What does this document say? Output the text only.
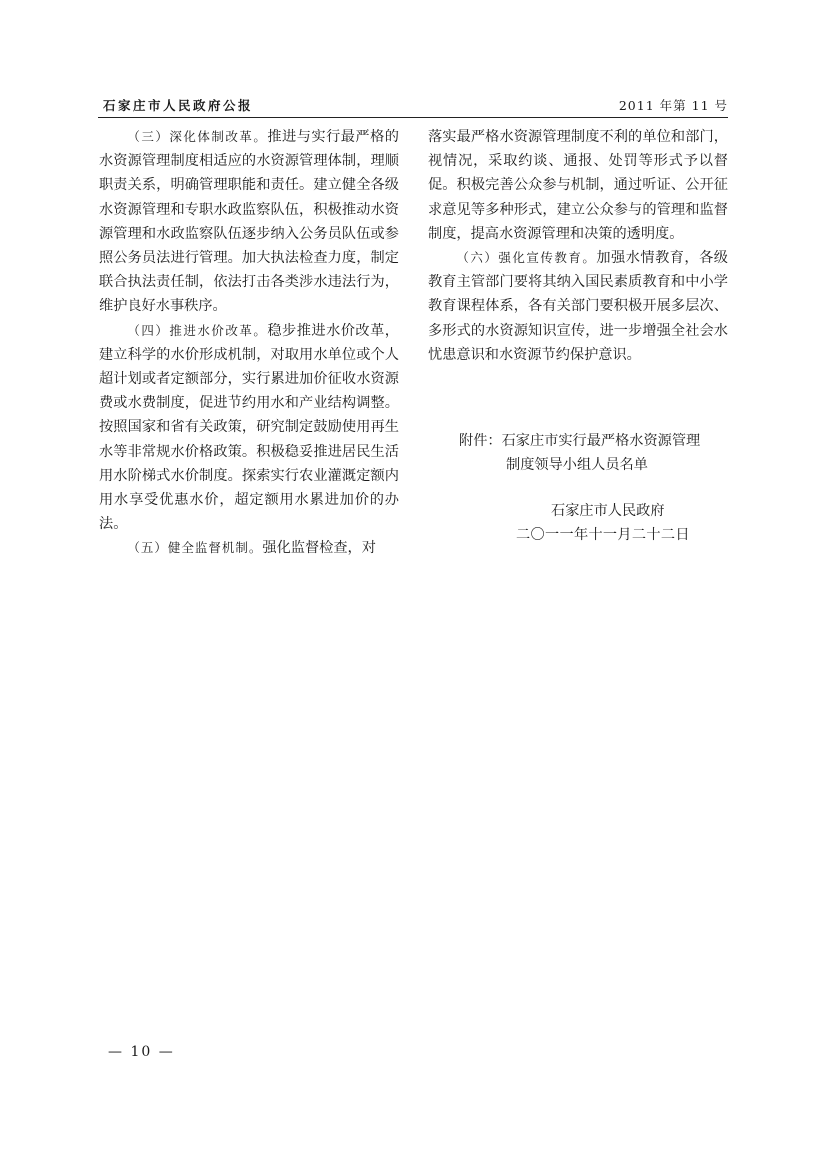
石家庄市人民政府公报	2011 年第 11 号

（三）深化体制改革。推进与实行最严格的水资源管理制度相适应的水资源管理体制，理顺职责关系，明确管理职能和责任。建立健全各级水资源管理和专职水政监察队伍，积极推动水资源管理和水政监察队伍逐步纳入公务员队伍或参照公务员法进行管理。加大执法检查力度，制定联合执法责任制，依法打击各类涉水违法行为，维护良好水事秩序。

（四）推进水价改革。稳步推进水价改革，建立科学的水价形成机制，对取用水单位或个人超计划或者定额部分，实行累进加价征收水资源费或水费制度，促进节约用水和产业结构调整。按照国家和省有关政策，研究制定鼓励使用再生水等非常规水价格政策。积极稳妥推进居民生活用水阶梯式水价制度。探索实行农业灌溉定额内用水享受优惠水价，超定额用水累进加价的办法。

（五）健全监督机制。强化监督检查，对

落实最严格水资源管理制度不利的单位和部门，视情况，采取约谈、通报、处罚等形式予以督促。积极完善公众参与机制，通过听证、公开征求意见等多种形式，建立公众参与的管理和监督制度，提高水资源管理和决策的透明度。

（六）强化宣传教育。加强水情教育，各级教育主管部门要将其纳入国民素质教育和中小学教育课程体系，各有关部门要积极开展多层次、多形式的水资源知识宣传，进一步增强全社会水忧患意识和水资源节约保护意识。

附件：石家庄市实行最严格水资源管理
制度领导小组人员名单
石家庄市人民政府
二〇一一年十一月二十二日
— 10 —
